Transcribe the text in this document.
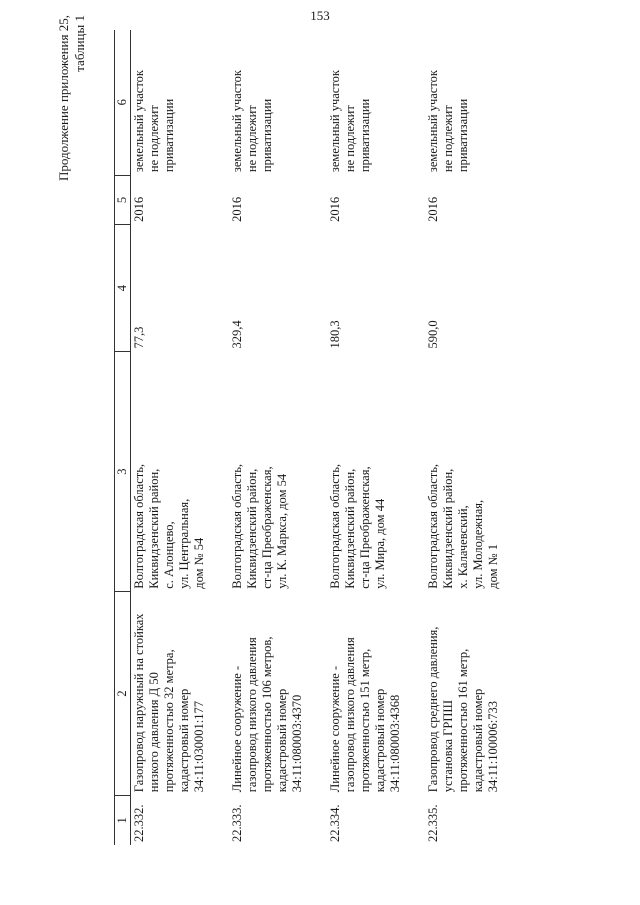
153
Продолжение приложения 25, таблицы 1
1	2	3	4	5	6
22.332.	Газопровод наружный на стойках
низкого давления Д 50
протяженностью 32 метра,
кадастровый номер
34:11:030001:177	Волгоградская область,
Киквидзенский район,
с. Алонцево,
ул. Центральная,
дом № 54	77,3	2016	земельный участок
не подлежит
приватизации
22.333.	Линейное сооружение -
газопровод низкого давления
протяженностью 106 метров,
кадастровый номер
34:11:080003:4370	Волгоградская область,
Киквидзенский район,
ст-ца Преображенская,
ул. К. Маркса, дом 54	329,4	2016	земельный участок
не подлежит
приватизации
22.334.	Линейное сооружение -
газопровод низкого давления
протяженностью 151 метр,
кадастровый номер
34:11:080003:4368	Волгоградская область,
Киквидзенский район,
ст-ца Преображенская,
ул. Мира, дом 44	180,3	2016	земельный участок
не подлежит
приватизации
22.335.	Газопровод среднего давления,
установка ГРПШ
протяженностью 161 метр,
кадастровый номер
34:11:100006:733	Волгоградская область,
Киквидзенский район,
х. Калачевский,
ул. Молодежная,
дом № 1	590,0	2016	земельный участок
не подлежит
приватизации
